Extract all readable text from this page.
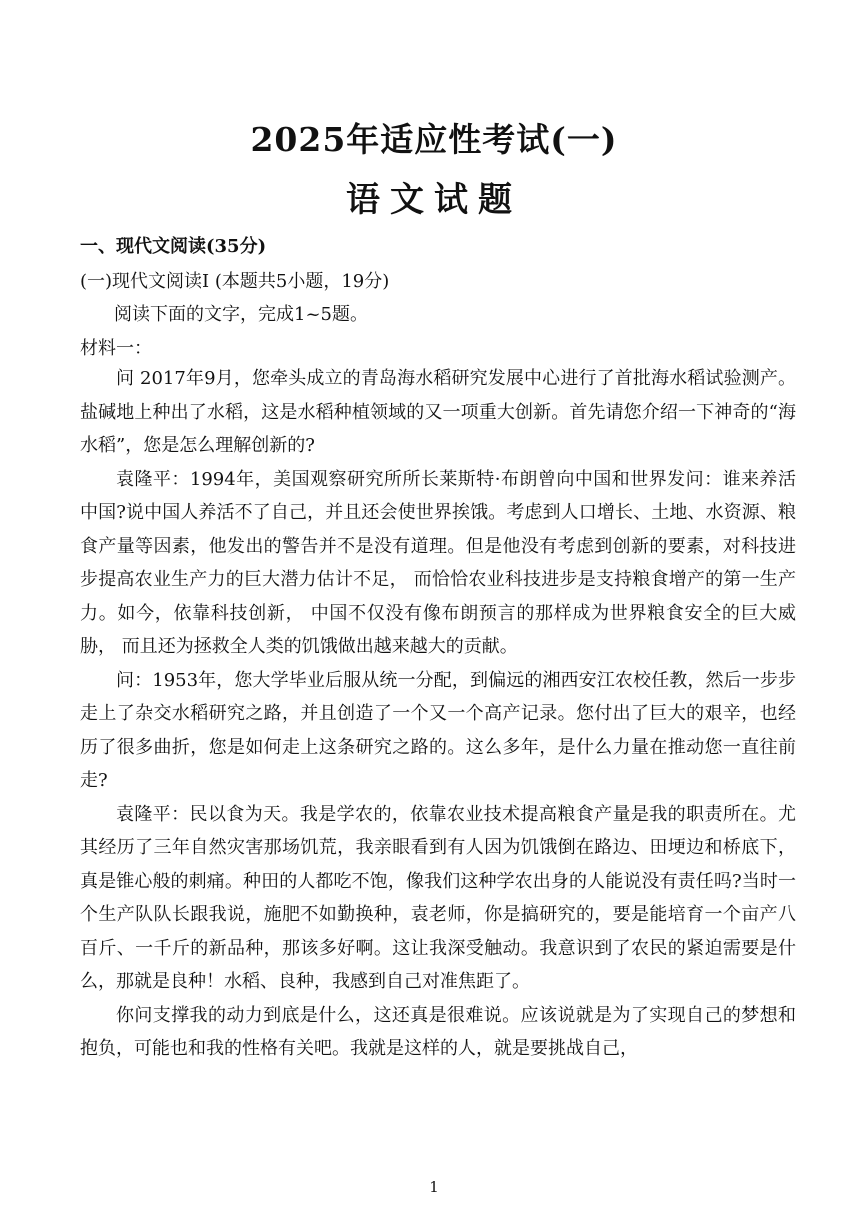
2025年适应性考试(一)
语文试题
一、现代文阅读(35分)
(一)现代文阅读I (本题共5小题，19分)
阅读下面的文字，完成1~5题。
材料一：

问 2017年9月，您牵头成立的青岛海水稻研究发展中心进行了首批海水稻试验测产。盐碱地上种出了水稻，这是水稻种植领域的又一项重大创新。首先请您介绍一下神奇的“海水稻”，您是怎么理解创新的?

袁隆平：1994年，美国观察研究所所长莱斯特·布朗曾向中国和世界发问：谁来养活中国?说中国人养活不了自己，并且还会使世界挨饿。考虑到人口增长、土地、水资源、粮食产量等因素，他发出的警告并不是没有道理。但是他没有考虑到创新的要素，对科技进步提高农业生产力的巨大潜力估计不足， 而恰恰农业科技进步是支持粮食增产的第一生产力。如今，依靠科技创新， 中国不仅没有像布朗预言的那样成为世界粮食安全的巨大威胁， 而且还为拯救全人类的饥饿做出越来越大的贡献。

问：1953年，您大学毕业后服从统一分配，到偏远的湘西安江农校任教，然后一步步走上了杂交水稻研究之路，并且创造了一个又一个高产记录。您付出了巨大的艰辛，也经历了很多曲折，您是如何走上这条研究之路的。这么多年，是什么力量在推动您一直往前走?

袁隆平：民以食为天。我是学农的，依靠农业技术提高粮食产量是我的职责所在。尤其经历了三年自然灾害那场饥荒，我亲眼看到有人因为饥饿倒在路边、田埂边和桥底下，真是锥心般的刺痛。种田的人都吃不饱，像我们这种学农出身的人能说没有责任吗?当时一个生产队队长跟我说，施肥不如勤换种，袁老师，你是搞研究的，要是能培育一个亩产八百斤、一千斤的新品种，那该多好啊。这让我深受触动。我意识到了农民的紧迫需要是什么，那就是良种！水稻、良种，我感到自己对准焦距了。

你问支撑我的动力到底是什么，这还真是很难说。应该说就是为了实现自己的梦想和抱负，可能也和我的性格有关吧。我就是这样的人，就是要挑战自己，

1
